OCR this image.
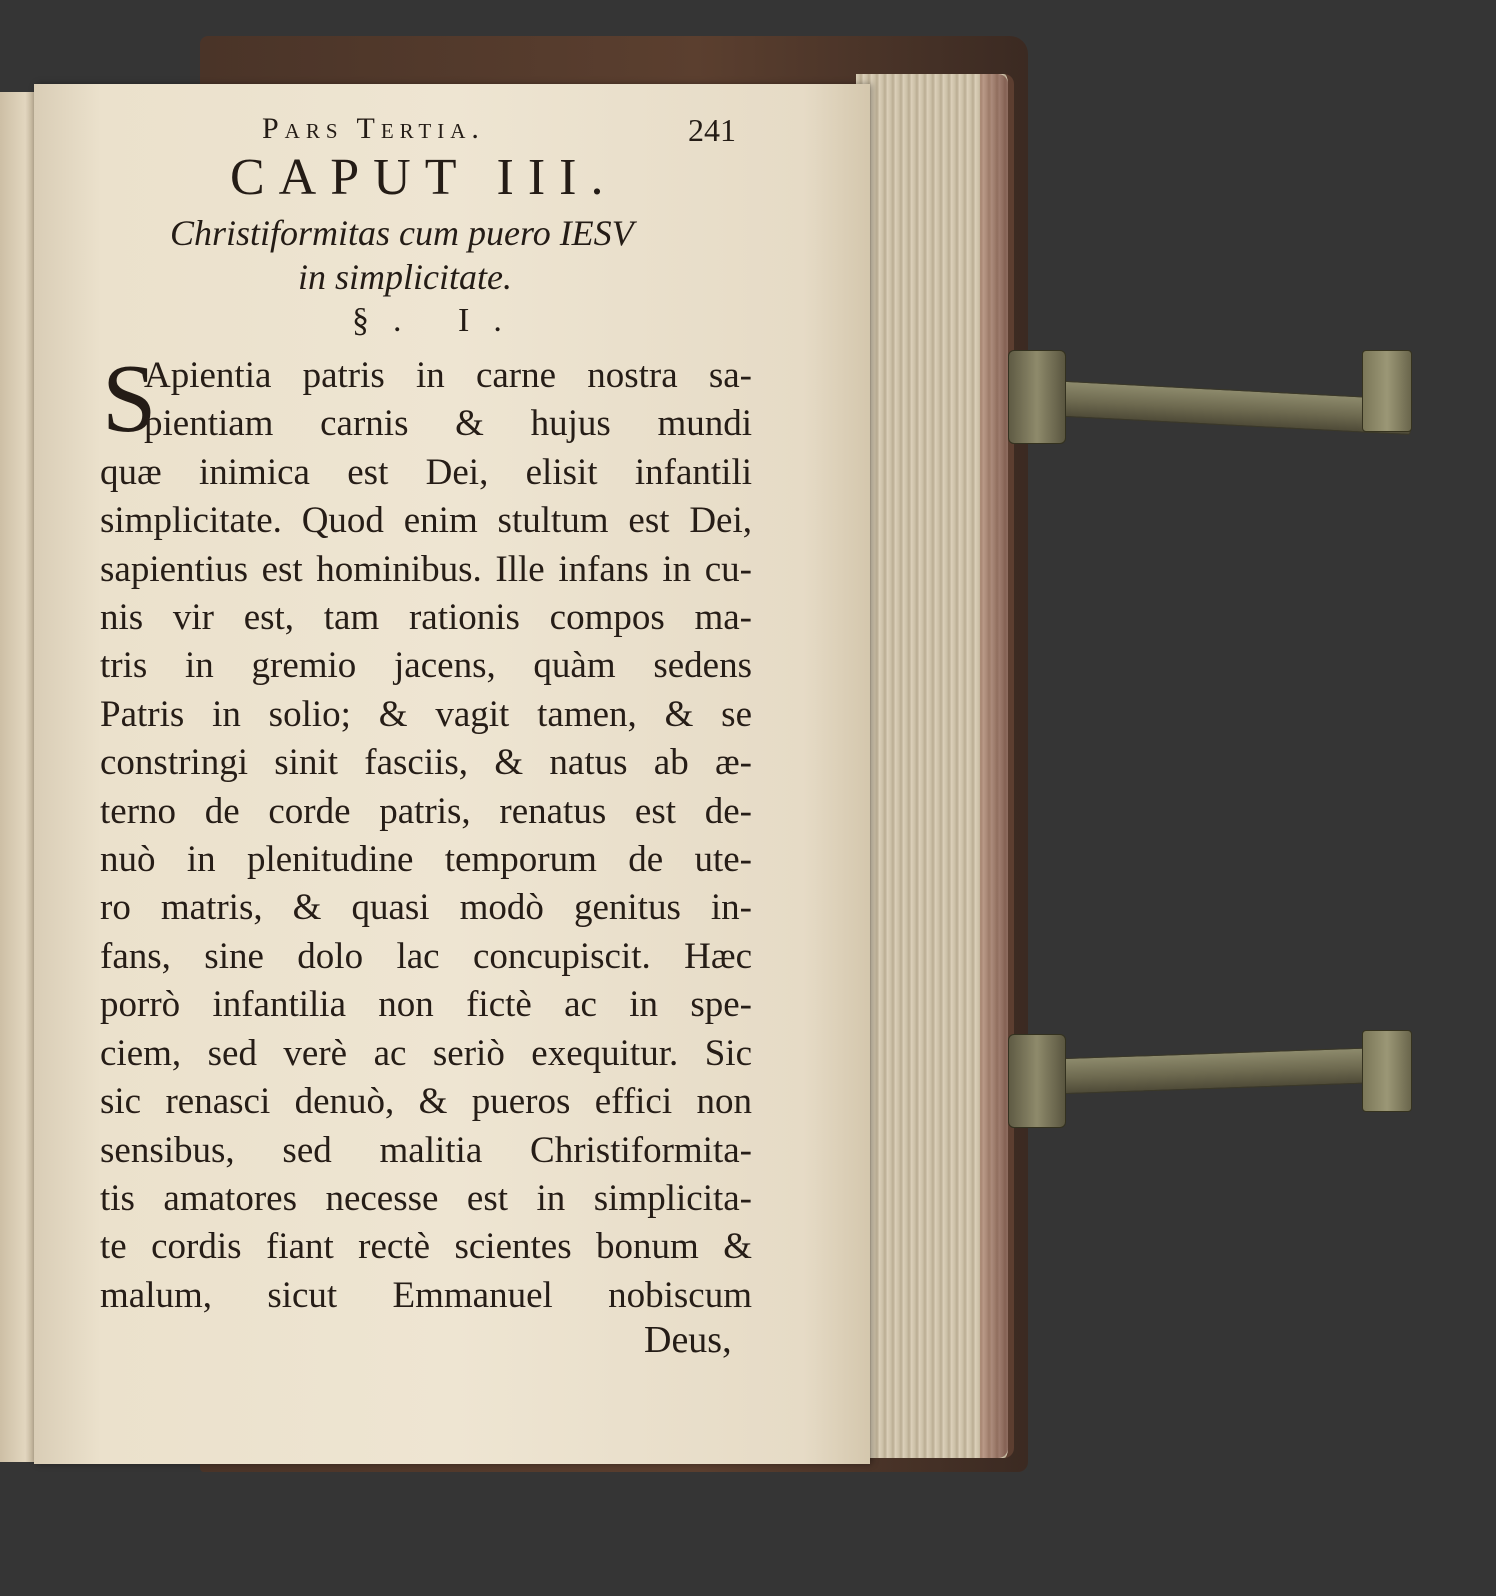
Pars Tertia.	241
CAPUT III.
Christiformitas cum puero IESV
in simplicitate.
§. I.
S
Apientia patris in carne nostra sa-
pientiam carnis & hujus mundi
quæ inimica est Dei, elisit infantili
simplicitate. Quod enim stultum est Dei,
sapientius est hominibus. Ille infans in cu-
nis vir est, tam rationis compos ma-
tris in gremio jacens, quàm sedens
Patris in solio; & vagit tamen, & se
constringi sinit fasciis, & natus ab æ-
terno de corde patris, renatus est de-
nuò in plenitudine temporum de ute-
ro matris, & quasi modò genitus in-
fans, sine dolo lac concupiscit. Hæc
porrò infantilia non fictè ac in spe-
ciem, sed verè ac seriò exequitur. Sic
sic renasci denuò, & pueros effici non
sensibus, sed malitia Christiformita-
tis amatores necesse est in simplicita-
te cordis fiant rectè scientes bonum &
malum, sicut Emmanuel nobiscum
Deus,
